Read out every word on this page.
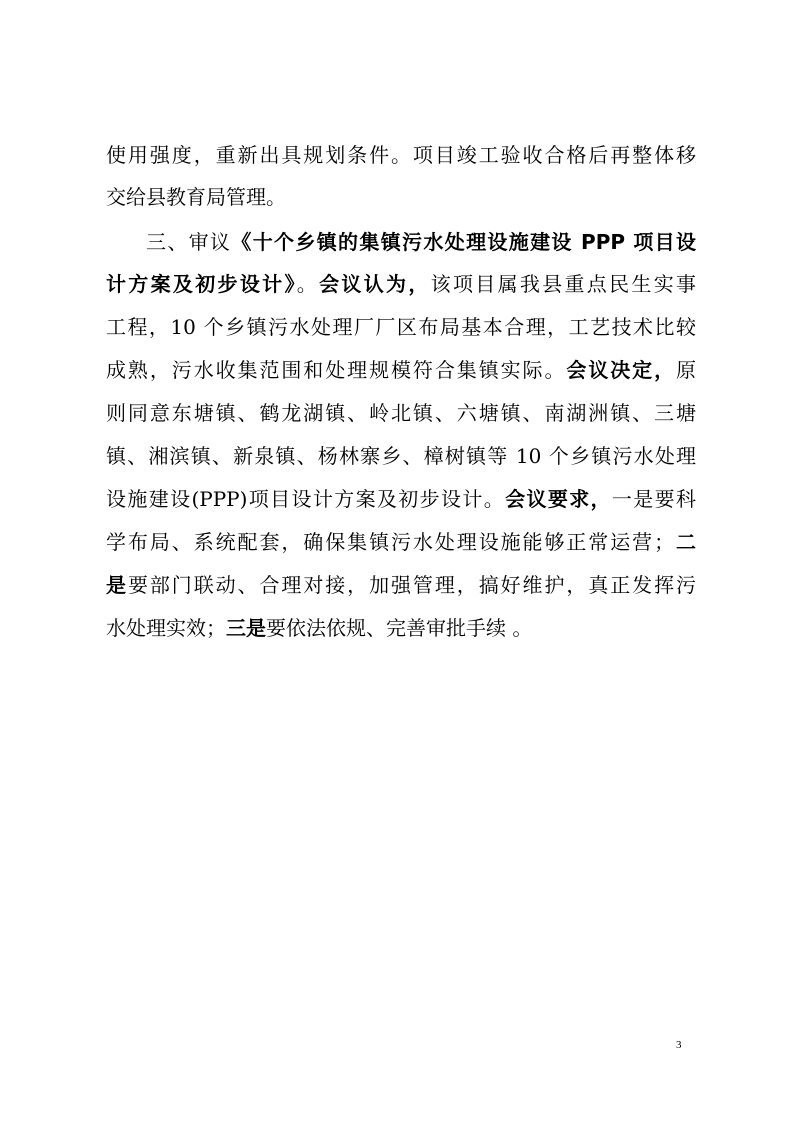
使用强度，重新出具规划条件。项目竣工验收合格后再整体移
交给县教育局管理。
三、审议《十个乡镇的集镇污水处理设施建设 PPP 项目设
计方案及初步设计》。会议认为，该项目属我县重点民生实事
工程，10 个乡镇污水处理厂厂区布局基本合理，工艺技术比较
成熟，污水收集范围和处理规模符合集镇实际。会议决定，原
则同意东塘镇、鹤龙湖镇、岭北镇、六塘镇、南湖洲镇、三塘
镇、湘滨镇、新泉镇、杨林寨乡、樟树镇等 10 个乡镇污水处理
设施建设(PPP)项目设计方案及初步设计。会议要求，一是要科
学布局、系统配套，确保集镇污水处理设施能够正常运营；二
是要部门联动、合理对接，加强管理，搞好维护，真正发挥污
水处理实效；三是要依法依规、完善审批手续 。
3
